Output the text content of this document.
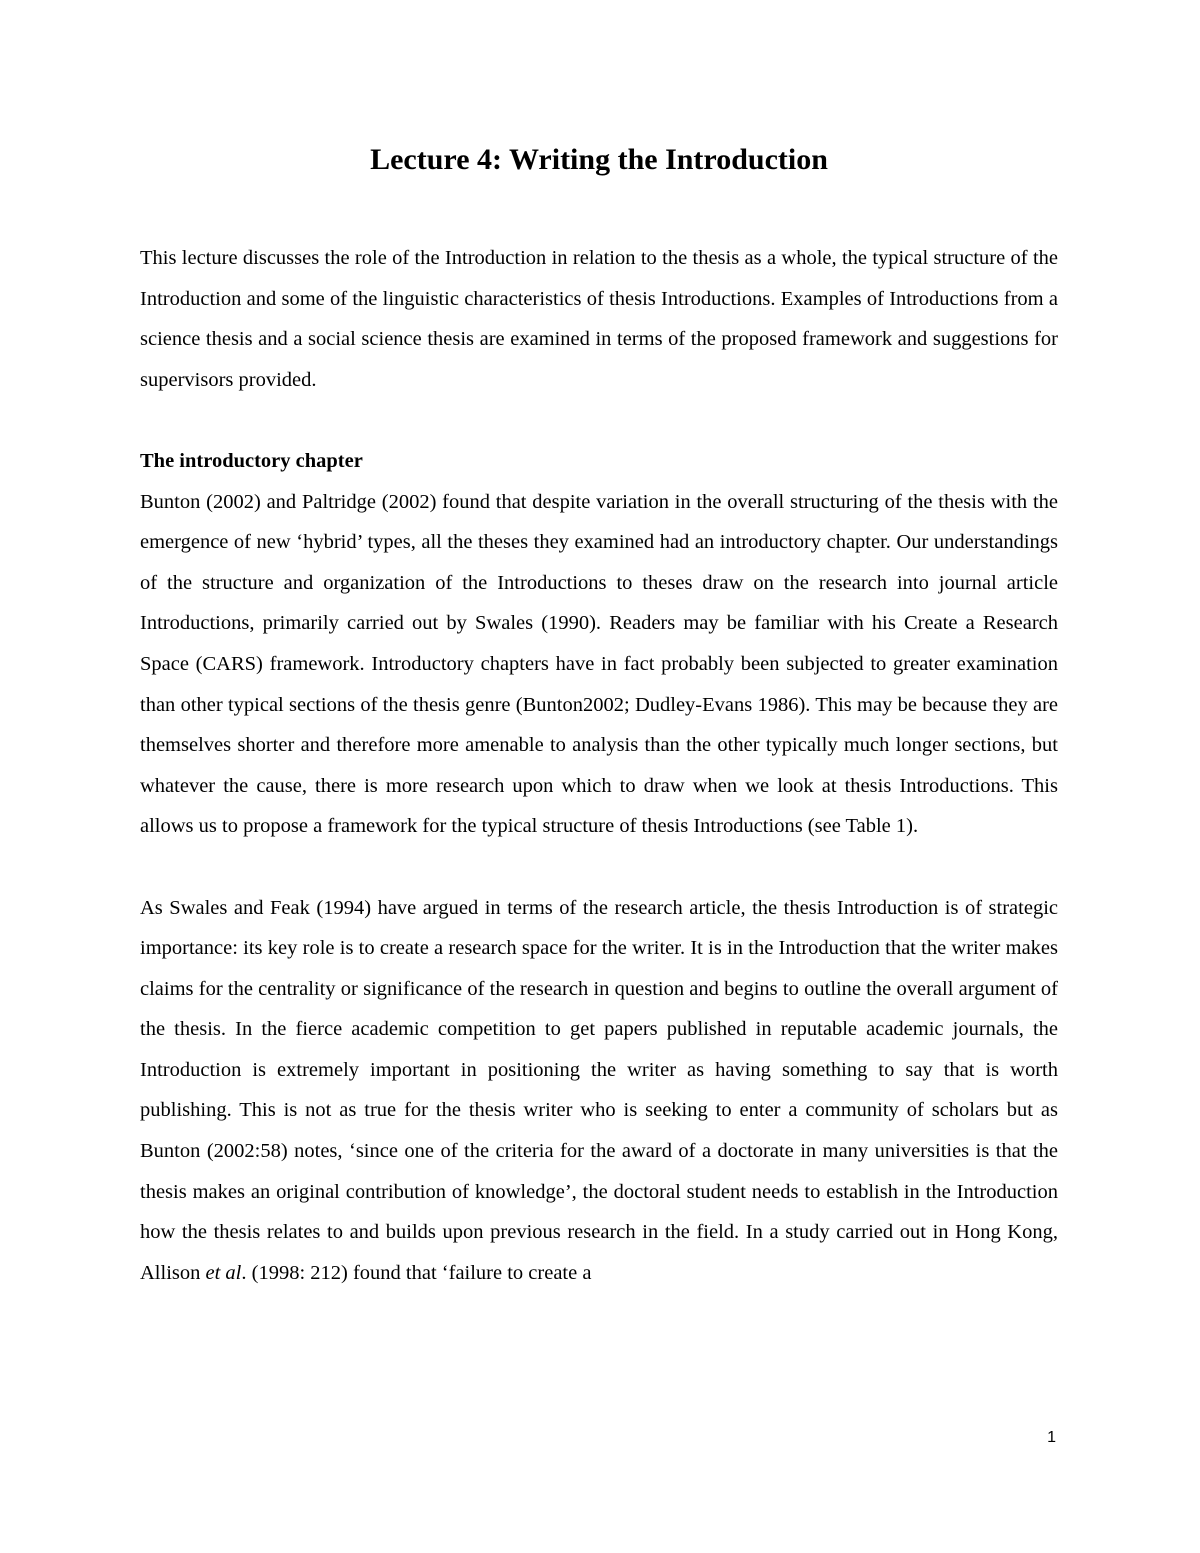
Lecture 4: Writing the Introduction

This lecture discusses the role of the Introduction in relation to the thesis as a whole, the typical structure of the Introduction and some of the linguistic characteristics of thesis Introductions. Examples of Introductions from a science thesis and a social science thesis are examined in terms of the proposed framework and suggestions for supervisors provided.

The introductory chapter

Bunton (2002) and Paltridge (2002) found that despite variation in the overall structuring of the thesis with the emergence of new ‘hybrid’ types, all the theses they examined had an introductory chapter. Our understandings of the structure and organization of the Introductions to theses draw on the research into journal article Introductions, primarily carried out by Swales (1990). Readers may be familiar with his Create a Research Space (CARS) framework. Introductory chapters have in fact probably been subjected to greater examination than other typical sections of the thesis genre (Bunton2002; Dudley-Evans 1986). This may be because they are themselves shorter and therefore more amenable to analysis than the other typically much longer sections, but whatever the cause, there is more research upon which to draw when we look at thesis Introductions. This allows us to propose a framework for the typical structure of thesis Introductions (see Table 1).

As Swales and Feak (1994) have argued in terms of the research article, the thesis Introduction is of strategic importance: its key role is to create a research space for the writer. It is in the Introduction that the writer makes claims for the centrality or significance of the research in question and begins to outline the overall argument of the thesis. In the fierce academic competition to get papers published in reputable academic journals, the Introduction is extremely important in positioning the writer as having something to say that is worth publishing. This is not as true for the thesis writer who is seeking to enter a community of scholars but as Bunton (2002:58) notes, ‘since one of the criteria for the award of a doctorate in many universities is that the thesis makes an original contribution of knowledge’, the doctoral student needs to establish in the Introduction how the thesis relates to and builds upon previous research in the field. In a study carried out in Hong Kong, Allison et al. (1998: 212) found that ‘failure to create a

1
